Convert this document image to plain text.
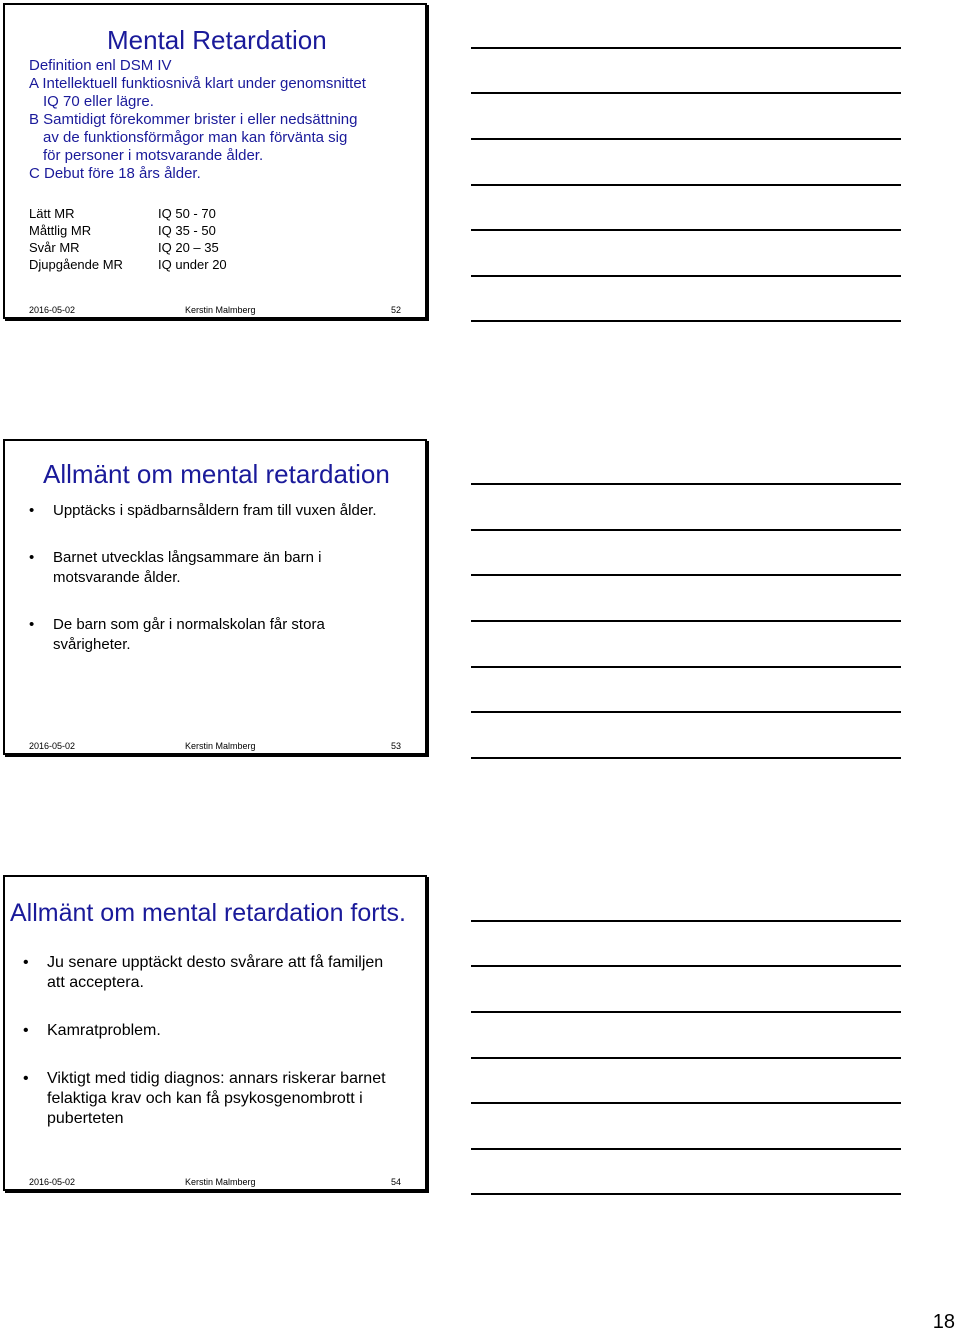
Mental Retardation
Definition enl DSM IV
A Intellektuell funktiosnivå klart under genomsnittet
IQ 70 eller lägre.
B Samtidigt förekommer brister i eller nedsättning
av de funktionsförmågor man kan förvänta sig
för personer i motsvarande ålder.
C Debut före 18 års ålder.
Lätt MR	IQ 50 - 70
Måttlig MR	IQ 35 - 50
Svår MR	IQ 20 – 35
Djupgående MR	IQ under 20
2016-05-02	Kerstin Malmberg	52
Allmänt om mental retardation
• Upptäcks i spädbarnsåldern fram till vuxen ålder.
• Barnet utvecklas långsammare än barn i motsvarande ålder.
• De barn som går i normalskolan får stora svårigheter.
2016-05-02	Kerstin Malmberg	53
Allmänt om mental retardation forts.
• Ju senare upptäckt desto svårare att få familjen att acceptera.
• Kamratproblem.
• Viktigt med tidig diagnos: annars riskerar barnet felaktiga krav och kan få psykosgenombrott i puberteten
2016-05-02	Kerstin Malmberg	54
18
